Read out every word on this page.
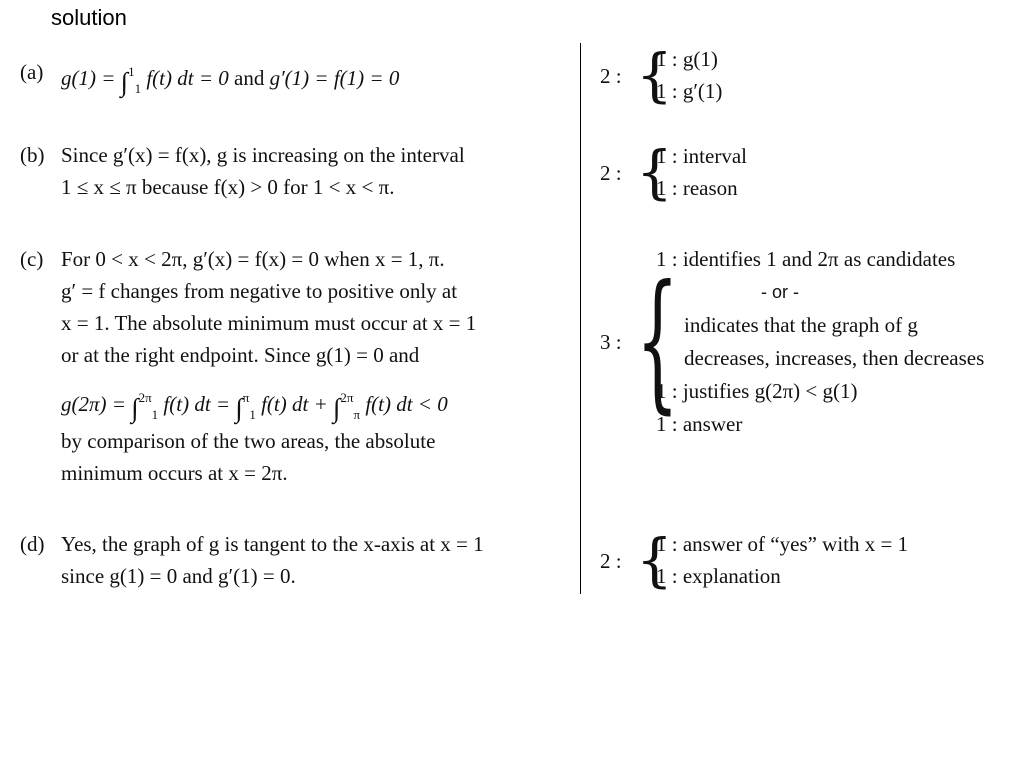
solution
(a) g(1) = ∫$^1_1$ f(t) dt = 0 and g′(1) = f(1) = 0
(b) Since g′(x) = f(x), g is increasing on the interval
1 ≤ x ≤ π because f(x) > 0 for 1 < x < π.
(c) For 0 < x < 2π, g′(x) = f(x) = 0 when x = 1, π.
g′ = f changes from negative to positive only at
x = 1. The absolute minimum must occur at x = 1
or at the right endpoint. Since g(1) = 0 and
g(2π) = ∫$^{2\pi}_1$ f(t) dt = ∫$^\pi_1$ f(t) dt + ∫$^{2\pi}_\pi$ f(t) dt < 0
by comparison of the two areas, the absolute
minimum occurs at x = 2π.
(d) Yes, the graph of g is tangent to the x-axis at x = 1
since g(1) = 0 and g′(1) = 0.
2 : {
1 : g(1)
1 : g′(1)
2 : {
1 : interval
1 : reason
3 : {
1 : identifies 1 and 2π as candidates
- or -
indicates that the graph of g
decreases, increases, then decreases
1 : justifies g(2π) < g(1)
1 : answer
2 : {
1 : answer of “yes” with x = 1
1 : explanation
